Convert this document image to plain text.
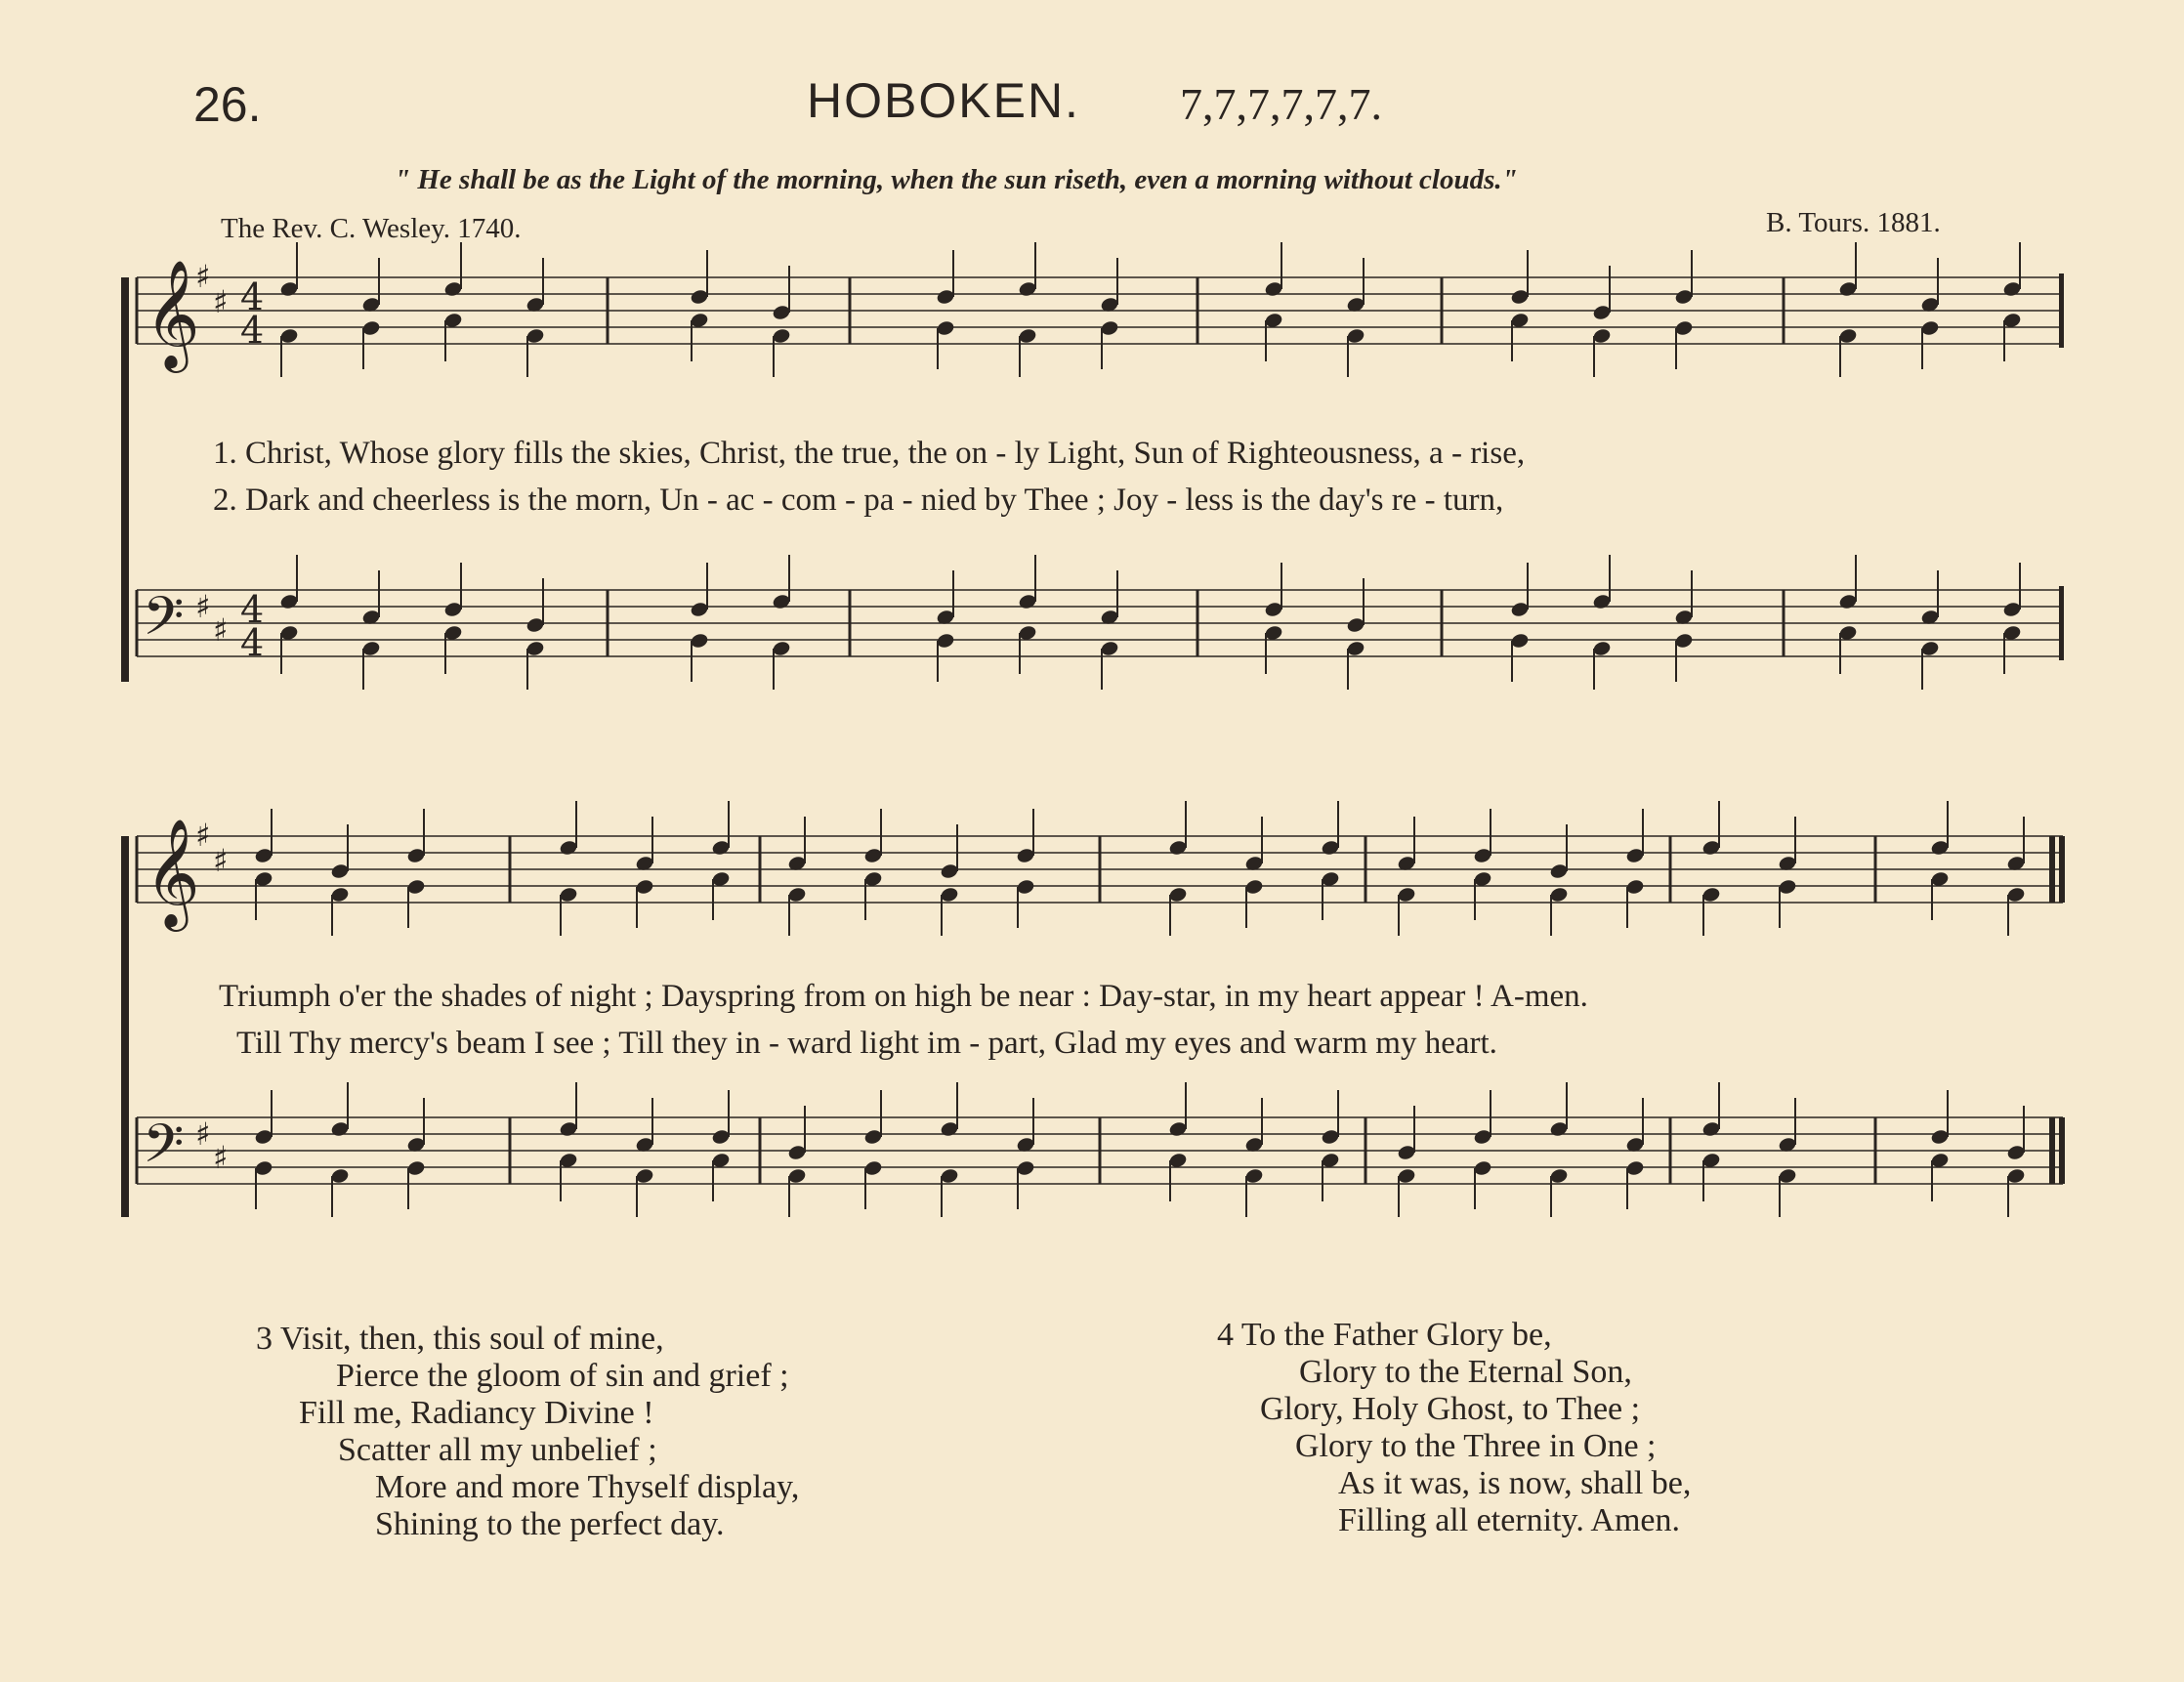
26.	HOBOKEN. 7,7,7,7,7,7.
" He shall be as the Light of the morning, when the sun riseth, even a morning without clouds."
The Rev. C. Wesley. 1740.	B. Tours. 1881.
𝄞
♯
♯ 4
4
𝄢 ♯
♯ 4
4
𝄞
♯
♯
𝄢 ♯
♯
1. Christ, Whose glory fills the skies, Christ, the true, the on - ly Light, Sun of Righteousness, a - rise,
2. Dark and cheerless is the morn, Un - ac - com - pa - nied by Thee ; Joy - less is the day's re - turn,
Triumph o'er the shades of night ; Dayspring from on high be near : Day-star, in my heart appear ! A-men.
Till Thy mercy's beam I see ; Till they in - ward light im - part, Glad my eyes and warm my heart.
3 Visit, then, this soul of mine,
Pierce the gloom of sin and grief ;
Fill me, Radiancy Divine !
Scatter all my unbelief ;
More and more Thyself display,
Shining to the perfect day.
4 To the Father Glory be,
Glory to the Eternal Son,
Glory, Holy Ghost, to Thee ;
Glory to the Three in One ;
As it was, is now, shall be,
Filling all eternity. Amen.
